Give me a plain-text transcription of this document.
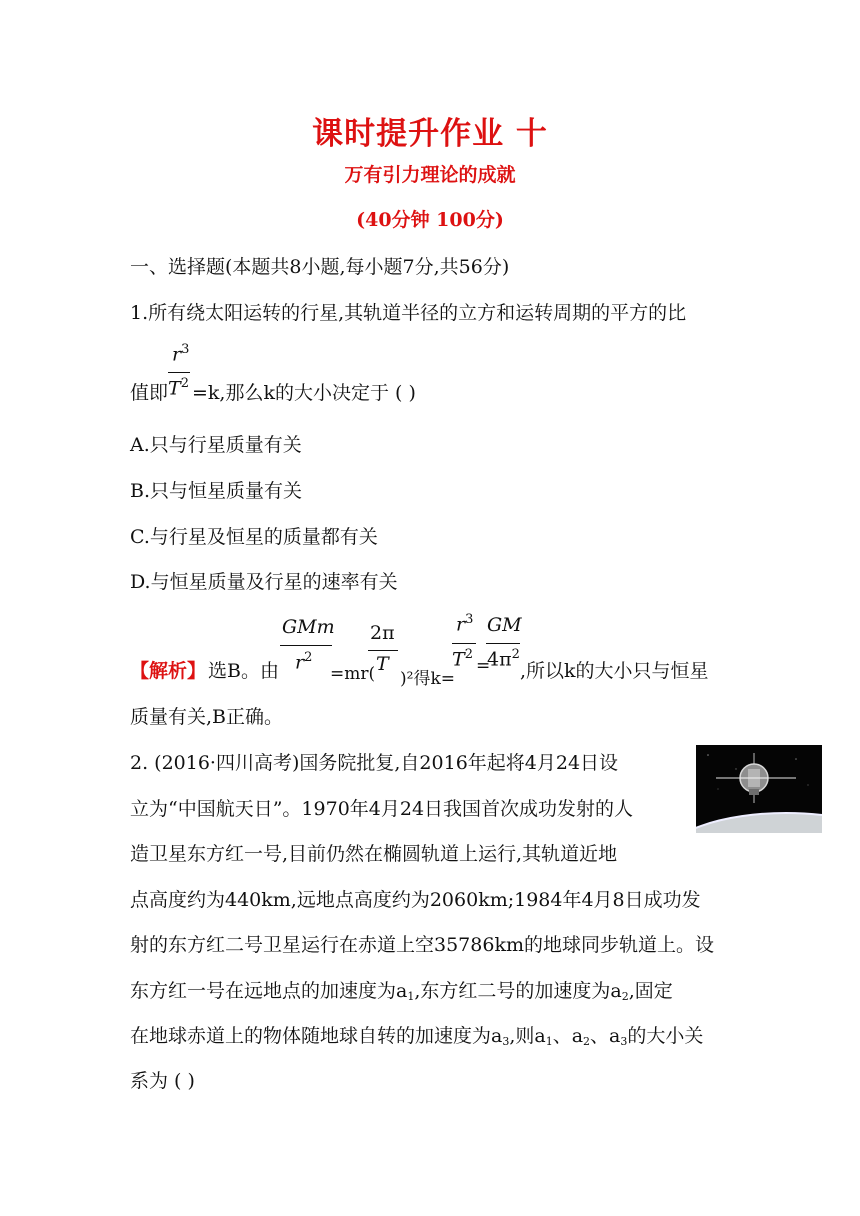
课时提升作业 十
万有引力理论的成就
(40分钟 100分)
一、选择题(本题共8小题,每小题7分,共56分)
1.所有绕太阳运转的行星,其轨道半径的立方和运转周期的平方的比
值即
$r^3$
$T^2 =k$,那么k的大小决定于 ( )
A.只与行星质量有关
B.只与恒星质量有关
C.与行星及恒星的质量都有关
D.与恒星质量及行星的速率有关
【解析】 选B。由
GMm
$r^2$
=mr(
2π
T
)²得k=
$r^3$
$T^2$
=
GM
$4\pi^2$
,所以k的大小只与恒星
质量有关,B正确。
2. (2016·四川高考)国务院批复,自2016年起将4月24日设
立为“中国航天日”。1970年4月24日我国首次成功发射的人
造卫星东方红一号,目前仍然在椭圆轨道上运行,其轨道近地
点高度约为440km,远地点高度约为2060km;1984年4月8日成功发
射的东方红二号卫星运行在赤道上空35786km的地球同步轨道上。设
东方红一号在远地点的加速度为$a_1$,东方红二号的加速度为$a_2$,固定
在地球赤道上的物体随地球自转的加速度为$a_3$,则$a_1$、$a_2$、$a_3$的大小关
系为 ( )
